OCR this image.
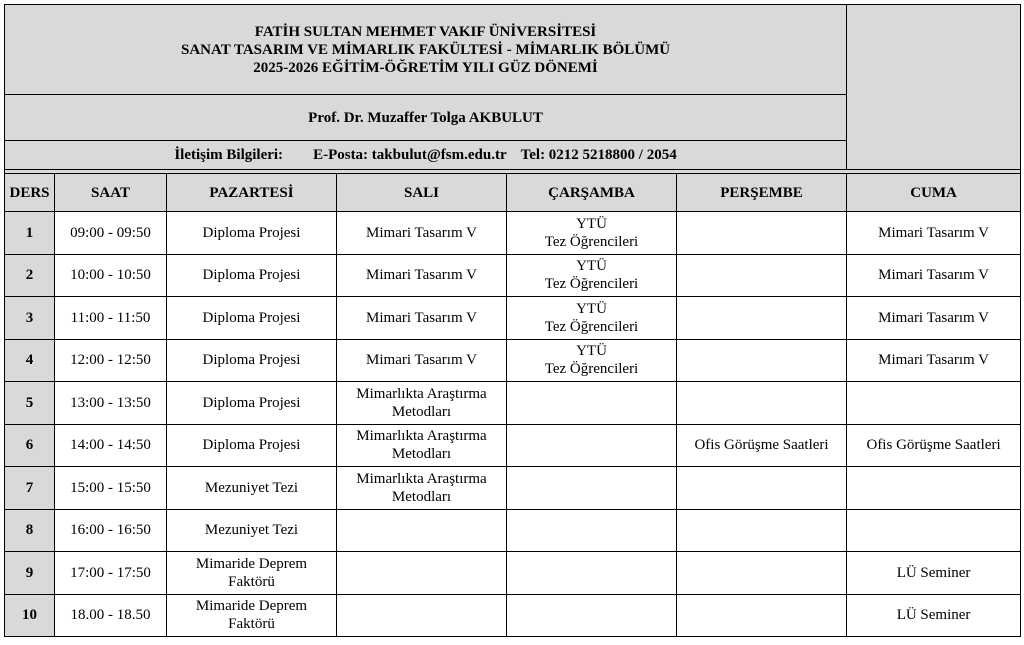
FATİH SULTAN MEHMET VAKIF ÜNİVERSİTESİ
SANAT TASARIM VE MİMARLIK FAKÜLTESİ - MİMARLIK BÖLÜMÜ
2025-2026 EĞİTİM-ÖĞRETİM YILI GÜZ DÖNEMİ						

Prof. Dr. Muzaffer Tolga AKBULUT						
İletişim Bilgileri: E-Posta: takbulut@fsm.edu.tr Tel: 0212 5218800 / 2054						

DERS	SAAT	PAZARTESİ	SALI	ÇARŞAMBA	PERŞEMBE	CUMA
1	09:00 - 09:50	Diploma Projesi	Mimari Tasarım V	YTÜ
Tez Öğrencileri		Mimari Tasarım V

2	10:00 - 10:50	Diploma Projesi	Mimari Tasarım V	YTÜ
Tez Öğrencileri		Mimari Tasarım V

3	11:00 - 11:50	Diploma Projesi	Mimari Tasarım V	YTÜ
Tez Öğrencileri		Mimari Tasarım V

4	12:00 - 12:50	Diploma Projesi	Mimari Tasarım V	YTÜ
Tez Öğrencileri		Mimari Tasarım V

5	13:00 - 13:50	Diploma Projesi	Mimarlıkta Araştırma
Metodları			

6	14:00 - 14:50	Diploma Projesi	Mimarlıkta Araştırma
Metodları		Ofis Görüşme Saatleri	Ofis Görüşme Saatleri

7	15:00 - 15:50	Mezuniyet Tezi	Mimarlıkta Araştırma
Metodları			

8	16:00 - 16:50	Mezuniyet Tezi				

9	17:00 - 17:50	Mimaride Deprem
Faktörü				LÜ Seminer

10	18.00 - 18.50	Mimaride Deprem
Faktörü				LÜ Seminer
